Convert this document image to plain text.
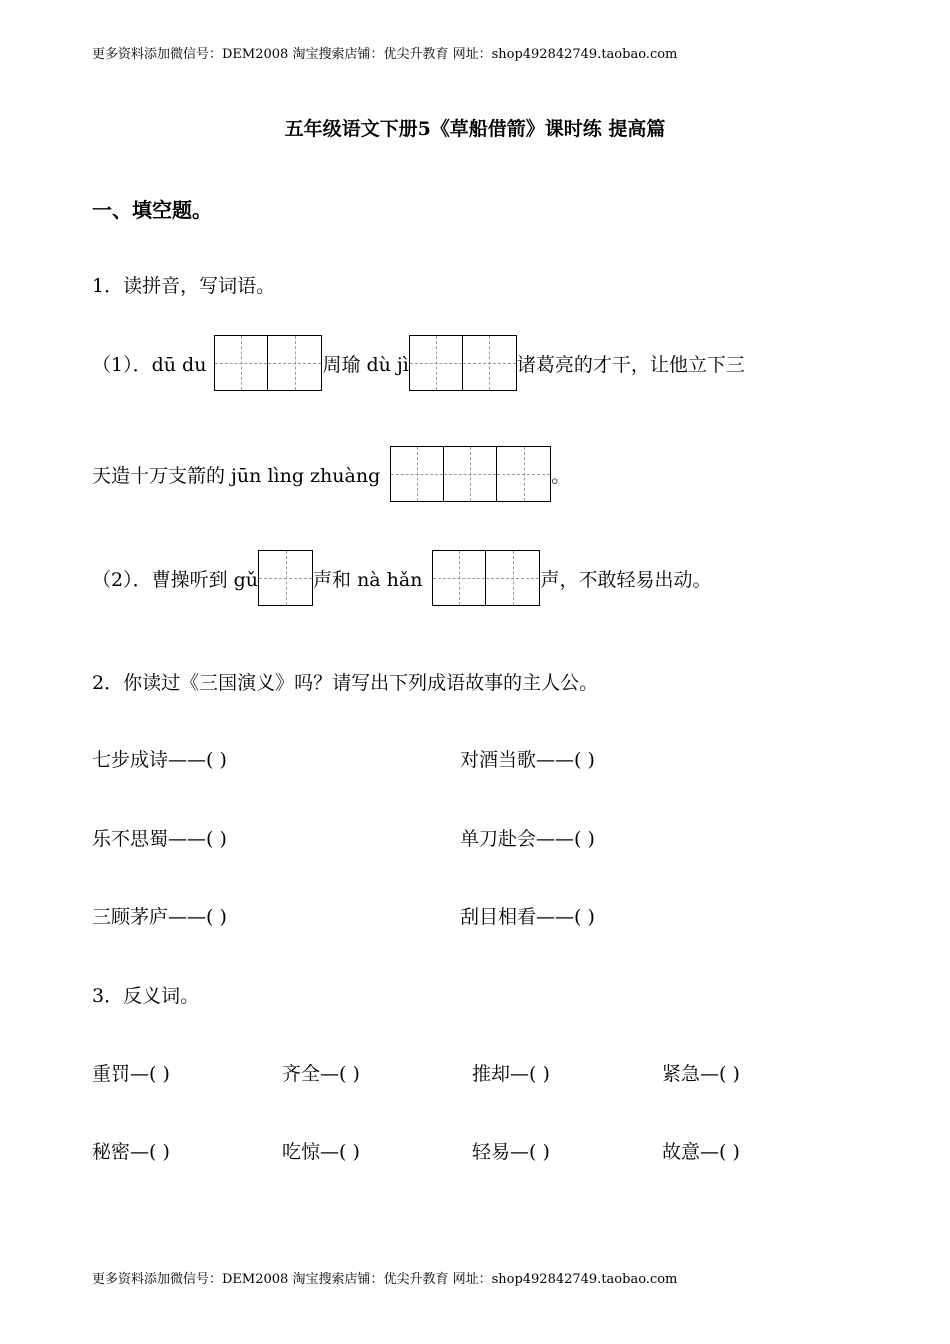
更多资料添加微信号：DEM2008 淘宝搜索店铺：优尖升教育 网址：shop492842749.taobao.com
五年级语文下册5《草船借箭》课时练 提高篇
一、填空题。
1．读拼音，写词语。
（1）．dū du	周瑜 dù jì	诸葛亮的才干，让他立下三
天造十万支箭的 jūn lìng zhuàng	。
（2）．曹操听到 gǔ	声和 nà hǎn	声，不敢轻易出动。
2．你读过《三国演义》吗？请写出下列成语故事的主人公。
七步成诗——( )	对酒当歌——( )
乐不思蜀——( )	单刀赴会——( )
三顾茅庐——( )	刮目相看——( )
3．反义词。
重罚—( )	齐全—( )	推却—( )	紧急—( )
秘密—( )	吃惊—( )	轻易—( )	故意—( )
更多资料添加微信号：DEM2008 淘宝搜索店铺：优尖升教育 网址：shop492842749.taobao.com
